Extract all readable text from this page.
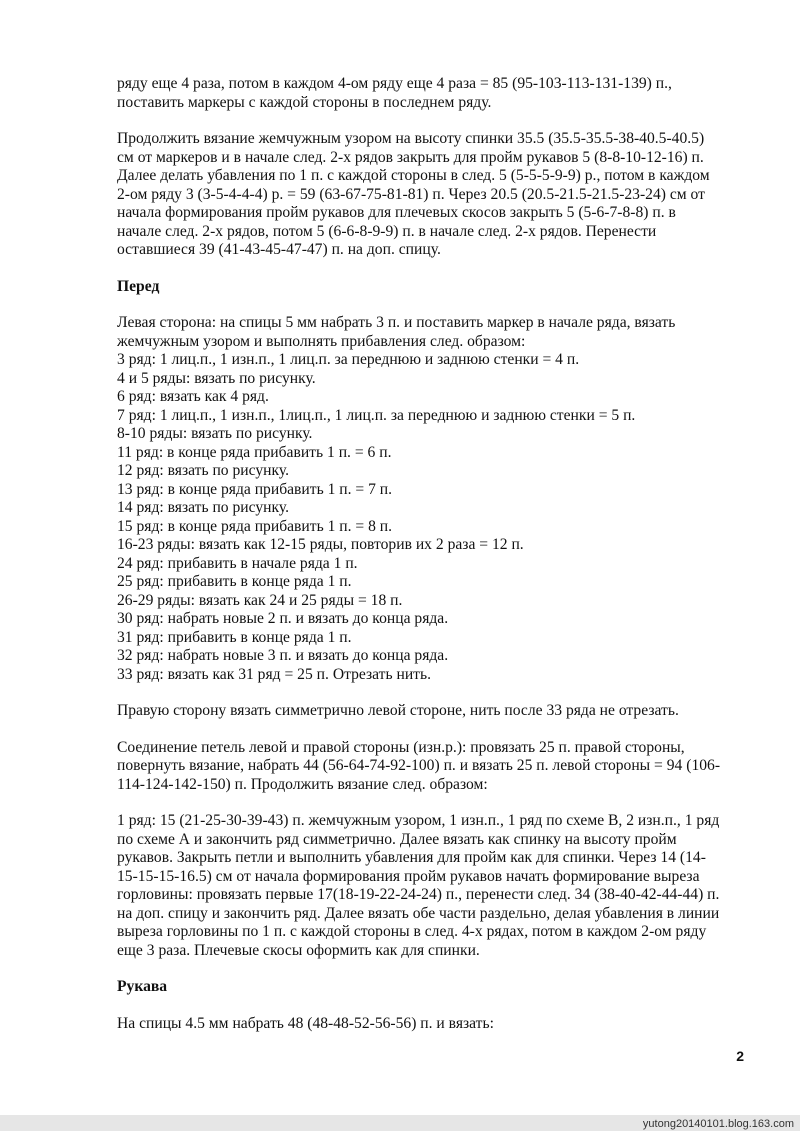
ряду еще 4 раза, потом в каждом 4-ом ряду еще 4 раза = 85 (95-103-113-131-139) п.,
поставить маркеры с каждой стороны в последнем ряду.

Продолжить вязание жемчужным узором на высоту спинки 35.5 (35.5-35.5-38-40.5-40.5)
см от маркеров и в начале след. 2-х рядов закрыть для пройм рукавов 5 (8-8-10-12-16) п.
Далее делать убавления по 1 п. с каждой стороны в след. 5 (5-5-5-9-9) р., потом в каждом
2-ом ряду 3 (3-5-4-4-4) р. = 59 (63-67-75-81-81) п. Через 20.5 (20.5-21.5-21.5-23-24) см от
начала формирования пройм рукавов для плечевых скосов закрыть 5 (5-6-7-8-8) п. в
начале след. 2-х рядов, потом 5 (6-6-8-9-9) п. в начале след. 2-х рядов. Перенести
оставшиеся 39 (41-43-45-47-47) п. на доп. спицу.

Перед

Левая сторона: на спицы 5 мм набрать 3 п. и поставить маркер в начале ряда, вязать
жемчужным узором и выполнять прибавления след. образом:
3 ряд: 1 лиц.п., 1 изн.п., 1 лиц.п. за переднюю и заднюю стенки = 4 п.
4 и 5 ряды: вязать по рисунку.
6 ряд: вязать как 4 ряд.
7 ряд: 1 лиц.п., 1 изн.п., 1лиц.п., 1 лиц.п. за переднюю и заднюю стенки = 5 п.
8-10 ряды: вязать по рисунку.
11 ряд: в конце ряда прибавить 1 п. = 6 п.
12 ряд: вязать по рисунку.
13 ряд: в конце ряда прибавить 1 п. = 7 п.
14 ряд: вязать по рисунку.
15 ряд: в конце ряда прибавить 1 п. = 8 п.
16-23 ряды: вязать как 12-15 ряды, повторив их 2 раза = 12 п.
24 ряд: прибавить в начале ряда 1 п.
25 ряд: прибавить в конце ряда 1 п.
26-29 ряды: вязать как 24 и 25 ряды = 18 п.
30 ряд: набрать новые 2 п. и вязать до конца ряда.
31 ряд: прибавить в конце ряда 1 п.
32 ряд: набрать новые 3 п. и вязать до конца ряда.
33 ряд: вязать как 31 ряд = 25 п. Отрезать нить.

Правую сторону вязать симметрично левой стороне, нить после 33 ряда не отрезать.

Соединение петель левой и правой стороны (изн.р.): провязать 25 п. правой стороны,
повернуть вязание, набрать 44 (56-64-74-92-100) п. и вязать 25 п. левой стороны = 94 (106-
114-124-142-150) п. Продолжить вязание след. образом:

1 ряд: 15 (21-25-30-39-43) п. жемчужным узором, 1 изн.п., 1 ряд по схеме В, 2 изн.п., 1 ряд
по схеме А и закончить ряд симметрично. Далее вязать как спинку на высоту пройм
рукавов. Закрыть петли и выполнить убавления для пройм как для спинки. Через 14 (14-
15-15-15-16.5) см от начала формирования пройм рукавов начать формирование выреза
горловины: провязать первые 17(18-19-22-24-24) п., перенести след. 34 (38-40-42-44-44) п.
на доп. спицу и закончить ряд. Далее вязать обе части раздельно, делая убавления в линии
выреза горловины по 1 п. с каждой стороны в след. 4-х рядах, потом в каждом 2-ом ряду
еще 3 раза. Плечевые скосы оформить как для спинки.

Рукава

На спицы 4.5 мм набрать 48 (48-48-52-56-56) п. и вязать:

2
yutong20140101.blog.163.com
